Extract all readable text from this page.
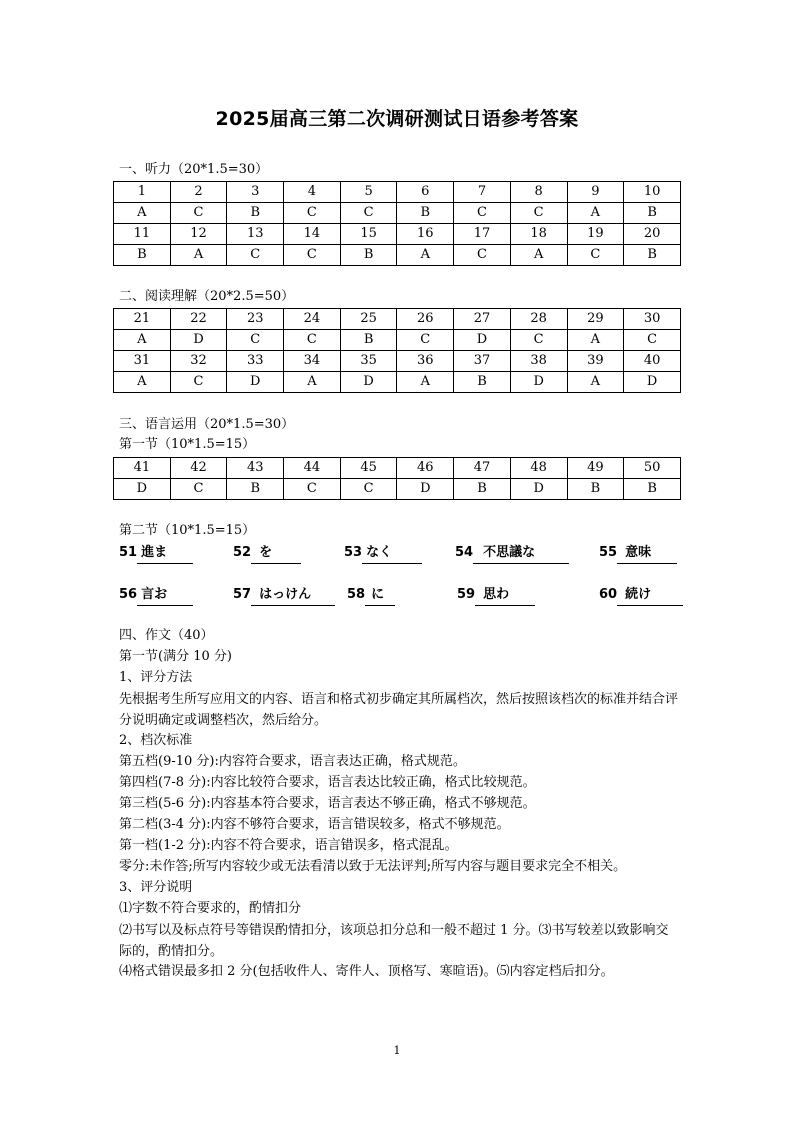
2025届高三第二次调研测试日语参考答案
一、听力（20*1.5=30）
1	2	3	4	5	6	7	8	9	10
A	C	B	C	C	B	C	C	A	B
11	12	13	14	15	16	17	18	19	20
B	A	C	C	B	A	C	A	C	B
二、阅读理解（20*2.5=50）
21	22	23	24	25	26	27	28	29	30
A	D	C	C	B	C	D	C	A	C
31	32	33	34	35	36	37	38	39	40
A	C	D	A	D	A	B	D	A	D
三、语言运用（20*1.5=30）
第一节（10*1.5=15）
41	42	43	44	45	46	47	48	49	50
D	C	B	C	C	D	B	D	B	B
第二节（10*1.5=15）
51 進ま	52 を	53 なく	54 不思議な	55 意味
56 言お	57 はっけん	58 に	59 思わ	60 続け
四、作文（40）
第一节(满分 10 分)
1、评分方法
先根据考生所写应用文的内容、语言和格式初步确定其所属档次，然后按照该档次的标准并结合评分说明确定或调整档次，然后给分。
2、档次标准
第五档(9-10 分):内容符合要求，语言表达正确，格式规范。
第四档(7-8 分):内容比较符合要求，语言表达比较正确，格式比较规范。
第三档(5-6 分):内容基本符合要求，语言表达不够正确，格式不够规范。
第二档(3-4 分):内容不够符合要求，语言错误较多，格式不够规范。
第一档(1-2 分):内容不符合要求，语言错误多，格式混乱。
零分:未作答;所写内容较少或无法看清以致于无法评判;所写内容与题目要求完全不相关。
3、评分说明
⑴字数不符合要求的，酌情扣分
⑵书写以及标点符号等错误酌情扣分，该项总扣分总和一般不超过 1 分。⑶书写较差以致影响交际的，酌情扣分。
⑷格式错误最多扣 2 分(包括收件人、寄件人、顶格写、寒暄语)。⑸内容定档后扣分。
1
